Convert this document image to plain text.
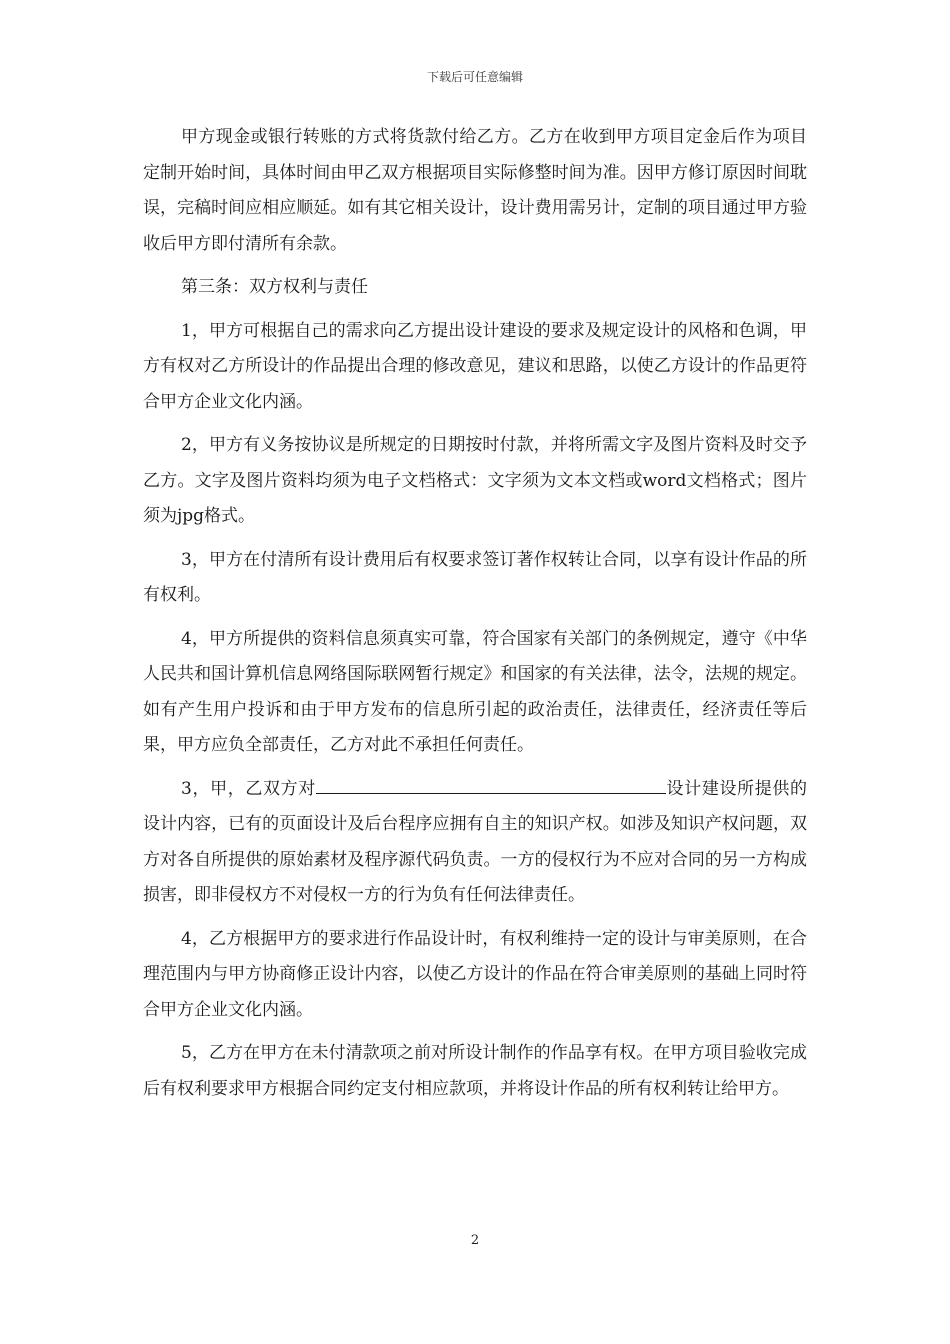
下载后可任意编辑

甲方现金或银行转账的方式将货款付给乙方。乙方在收到甲方项目定金后作为项目定制开始时间，具体时间由甲乙双方根据项目实际修整时间为准。因甲方修订原因时间耽误，完稿时间应相应顺延。如有其它相关设计，设计费用需另计，定制的项目通过甲方验收后甲方即付清所有余款。

第三条：双方权利与责任

1，甲方可根据自己的需求向乙方提出设计建设的要求及规定设计的风格和色调，甲方有权对乙方所设计的作品提出合理的修改意见，建议和思路，以使乙方设计的作品更符合甲方企业文化内涵。

2，甲方有义务按协议是所规定的日期按时付款，并将所需文字及图片资料及时交予乙方。文字及图片资料均须为电子文档格式：文字须为文本文档或word文档格式；图片须为jpg格式。

3，甲方在付清所有设计费用后有权要求签订著作权转让合同，以享有设计作品的所有权利。

4，甲方所提供的资料信息须真实可靠，符合国家有关部门的条例规定，遵守《中华人民共和国计算机信息网络国际联网暂行规定》和国家的有关法律，法令，法规的规定。如有产生用户投诉和由于甲方发布的信息所引起的政治责任，法律责任，经济责任等后果，甲方应负全部责任，乙方对此不承担任何责任。

3，甲，乙双方对	设计建设所提供的设计内容，已有的页面设计及后台程序应拥有自主的知识产权。如涉及知识产权问题，双方对各自所提供的原始素材及程序源代码负责。一方的侵权行为不应对合同的另一方构成损害，即非侵权方不对侵权一方的行为负有任何法律责任。

4，乙方根据甲方的要求进行作品设计时，有权利维持一定的设计与审美原则，在合理范围内与甲方协商修正设计内容，以使乙方设计的作品在符合审美原则的基础上同时符合甲方企业文化内涵。

5，乙方在甲方在未付清款项之前对所设计制作的作品享有权。在甲方项目验收完成后有权利要求甲方根据合同约定支付相应款项，并将设计作品的所有权利转让给甲方。

2
